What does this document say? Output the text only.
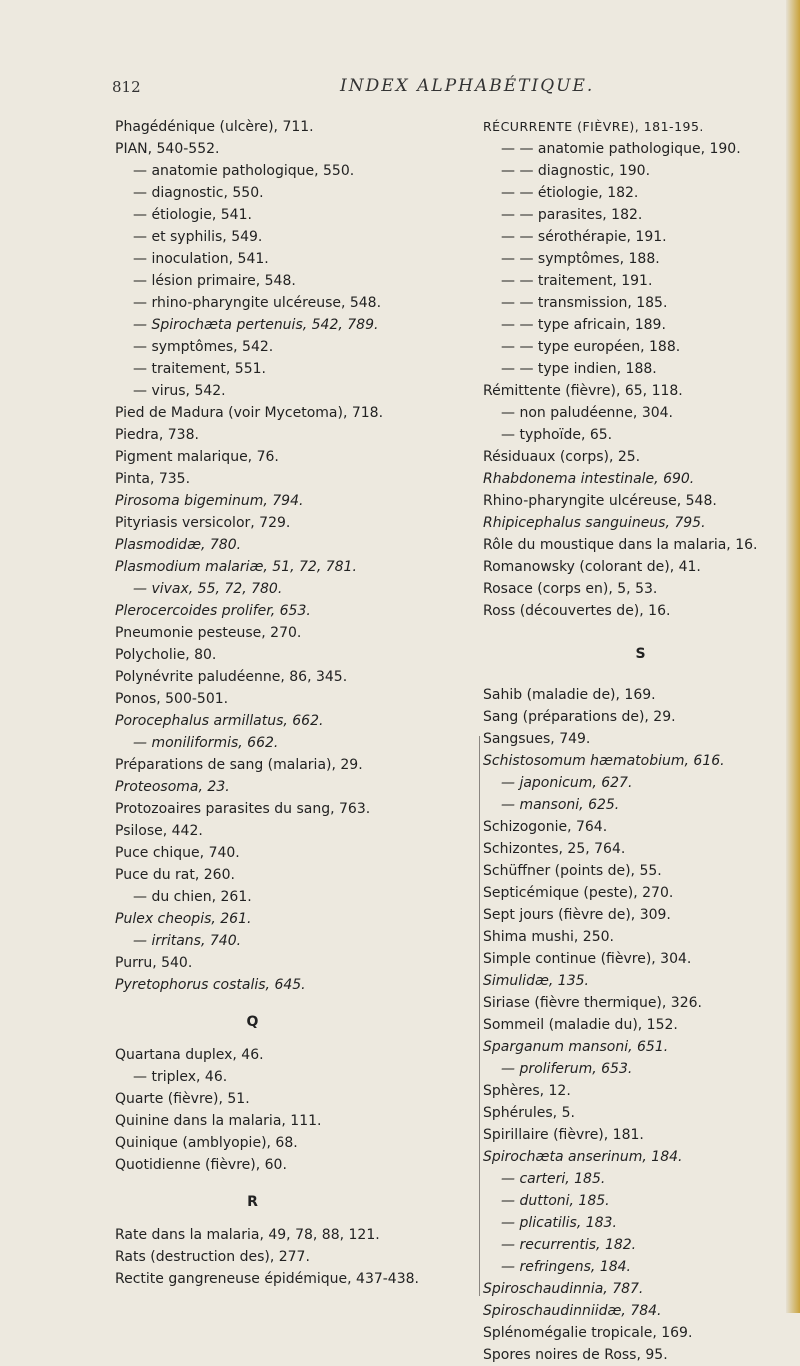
812	INDEX ALPHABÉTIQUE.
Phagédénique (ulcère), 711.
PIAN, 540-552.
— anatomie pathologique, 550.
— diagnostic, 550.
— étiologie, 541.
— et syphilis, 549.
— inoculation, 541.
— lésion primaire, 548.
— rhino-pharyngite ulcéreuse, 548.
— Spirochæta pertenuis, 542, 789.
— symptômes, 542.
— traitement, 551.
— virus, 542.
Pied de Madura (voir Mycetoma), 718.
Piedra, 738.
Pigment malarique, 76.
Pinta, 735.
Pirosoma bigeminum, 794.
Pityriasis versicolor, 729.
Plasmodidæ, 780.
Plasmodium malariæ, 51, 72, 781.
— vivax, 55, 72, 780.
Plerocercoides prolifer, 653.
Pneumonie pesteuse, 270.
Polycholie, 80.
Polynévrite paludéenne, 86, 345.
Ponos, 500-501.
Porocephalus armillatus, 662.
— moniliformis, 662.
Préparations de sang (malaria), 29.
Proteosoma, 23.
Protozoaires parasites du sang, 763.
Psilose, 442.
Puce chique, 740.
Puce du rat, 260.
— du chien, 261.
Pulex cheopis, 261.
— irritans, 740.
Purru, 540.
Pyretophorus costalis, 645.
Q
Quartana duplex, 46.
— triplex, 46.
Quarte (fièvre), 51.
Quinine dans la malaria, 111.
Quinique (amblyopie), 68.
Quotidienne (fièvre), 60.
R
Rate dans la malaria, 49, 78, 88, 121.
Rats (destruction des), 277.
Rectite gangreneuse épidémique, 437-438.
RÉCURRENTE (FIÈVRE), 181-195.
— — anatomie pathologique, 190.
— — diagnostic, 190.
— — étiologie, 182.
— — parasites, 182.
— — sérothérapie, 191.
— — symptômes, 188.
— — traitement, 191.
— — transmission, 185.
— — type africain, 189.
— — type européen, 188.
— — type indien, 188.
Rémittente (fièvre), 65, 118.
— non paludéenne, 304.
— typhoïde, 65.
Résiduaux (corps), 25.
Rhabdonema intestinale, 690.
Rhino-pharyngite ulcéreuse, 548.
Rhipicephalus sanguineus, 795.
Rôle du moustique dans la malaria, 16.
Romanowsky (colorant de), 41.
Rosace (corps en), 5, 53.
Ross (découvertes de), 16.
S
Sahib (maladie de), 169.
Sang (préparations de), 29.
Sangsues, 749.
Schistosomum hæmatobium, 616.
— japonicum, 627.
— mansoni, 625.
Schizogonie, 764.
Schizontes, 25, 764.
Schüffner (points de), 55.
Septicémique (peste), 270.
Sept jours (fièvre de), 309.
Shima mushi, 250.
Simple continue (fièvre), 304.
Simulidæ, 135.
Siriase (fièvre thermique), 326.
Sommeil (maladie du), 152.
Sparganum mansoni, 651.
— proliferum, 653.
Sphères, 12.
Sphérules, 5.
Spirillaire (fièvre), 181.
Spirochæta anserinum, 184.
— carteri, 185.
— duttoni, 185.
— plicatilis, 183.
— recurrentis, 182.
— refringens, 184.
Spiroschaudinnia, 787.
Spiroschaudinniidæ, 784.
Splénomégalie tropicale, 169.
Spores noires de Ross, 95.
